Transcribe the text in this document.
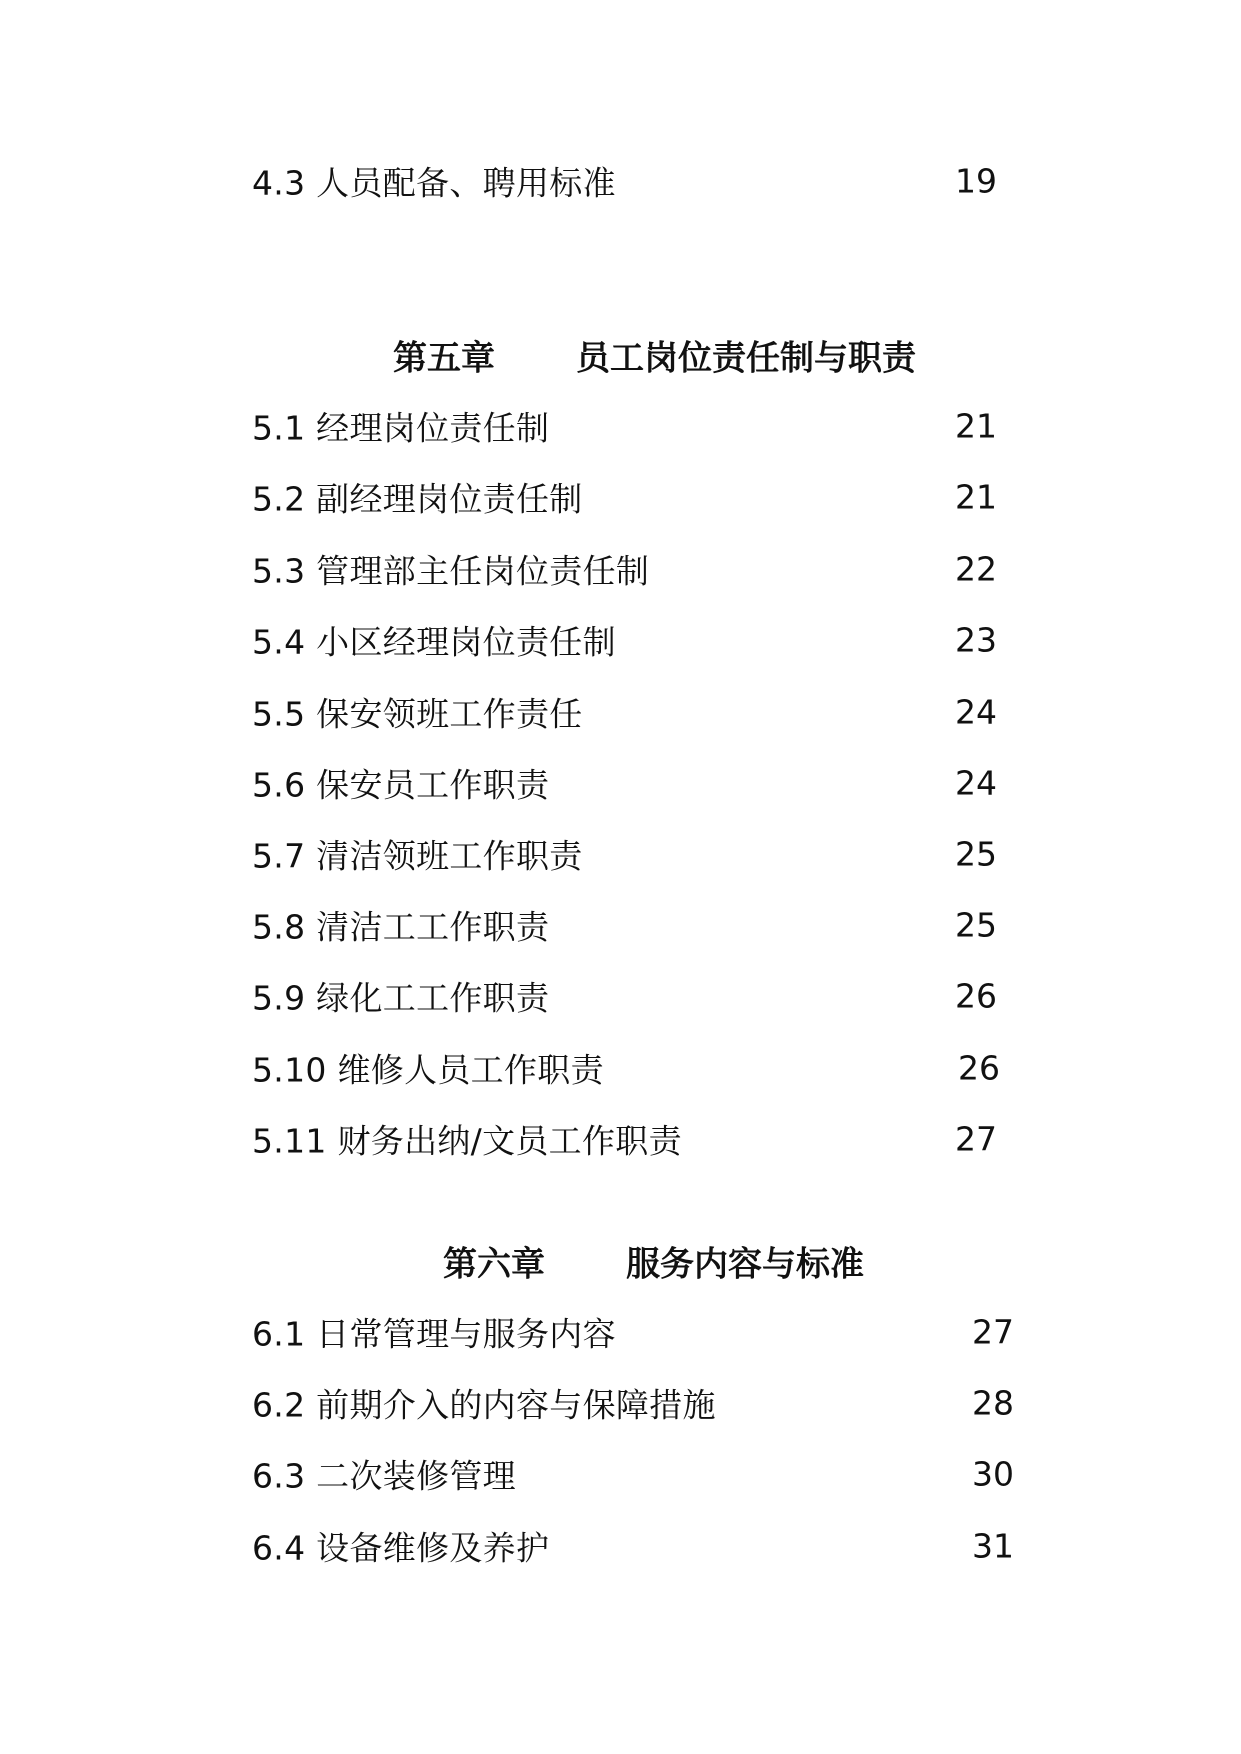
4.3 人员配备、聘用标准	19
第五章 员工岗位责任制与职责
5.1 经理岗位责任制	21
5.2 副经理岗位责任制	21
5.3 管理部主任岗位责任制	22
5.4 小区经理岗位责任制	23
5.5 保安领班工作责任	24
5.6 保安员工作职责	24
5.7 清洁领班工作职责	25
5.8 清洁工工作职责	25
5.9 绿化工工作职责	26
5.10 维修人员工作职责	26
5.11 财务出纳/文员工作职责	27
第六章 服务内容与标准
6.1 日常管理与服务内容	27
6.2 前期介入的内容与保障措施	28
6.3 二次装修管理	30
6.4 设备维修及养护	31
